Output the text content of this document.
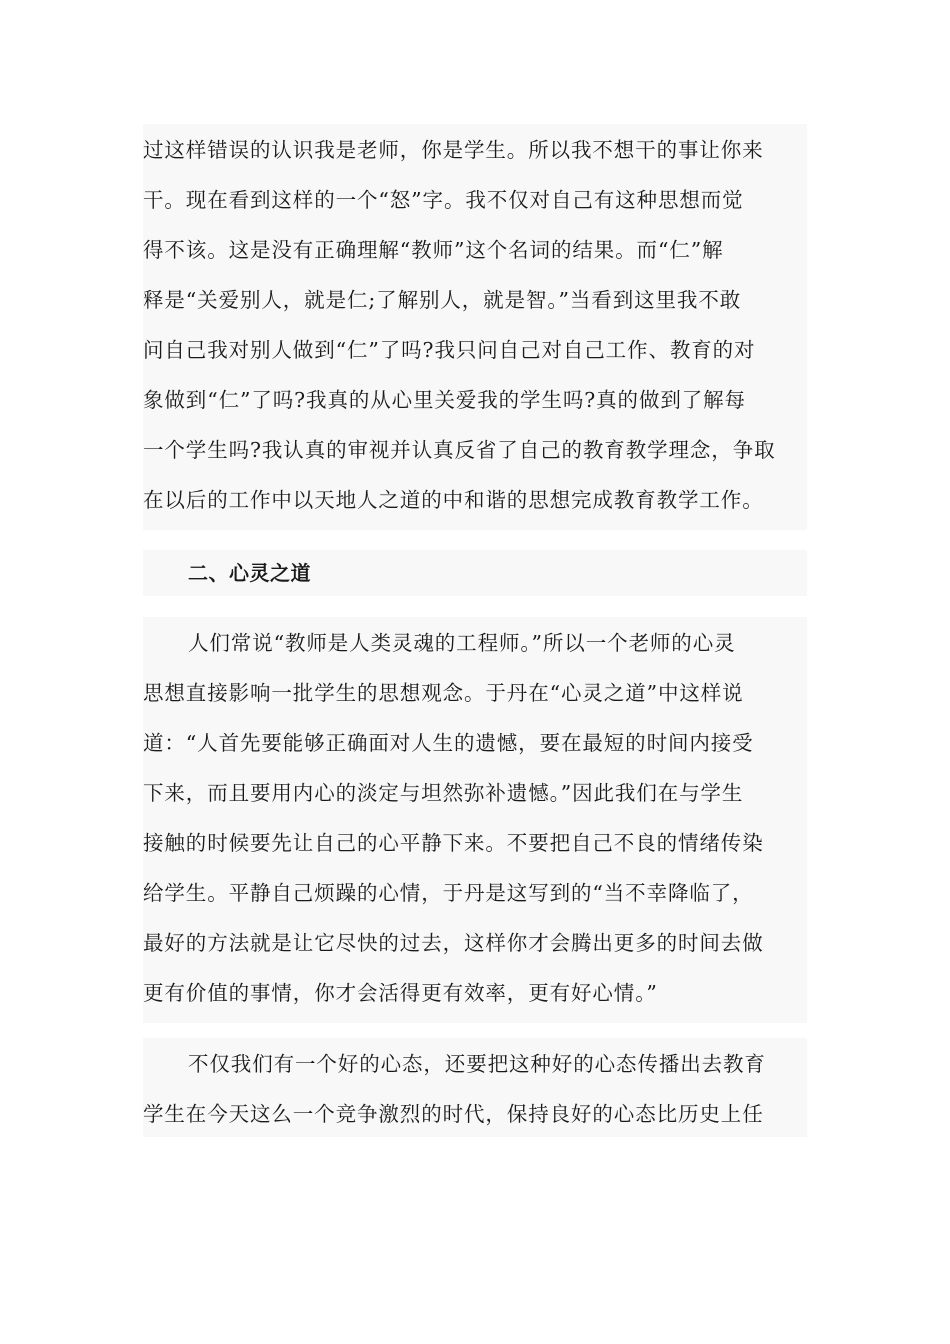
过这样错误的认识我是老师，你是学生。所以我不想干的事让你来
干。现在看到这样的一个“怒”字。我不仅对自己有这种思想而觉
得不该。这是没有正确理解“教师”这个名词的结果。而“仁”解
释是“关爱别人，就是仁;了解别人，就是智。”当看到这里我不敢
问自己我对别人做到“仁”了吗?我只问自己对自己工作、教育的对
象做到“仁”了吗?我真的从心里关爱我的学生吗?真的做到了解每
一个学生吗?我认真的审视并认真反省了自己的教育教学理念，争取
在以后的工作中以天地人之道的中和谐的思想完成教育教学工作。
二、心灵之道
人们常说“教师是人类灵魂的工程师。”所以一个老师的心灵
思想直接影响一批学生的思想观念。于丹在“心灵之道”中这样说
道：“人首先要能够正确面对人生的遗憾，要在最短的时间内接受
下来，而且要用内心的淡定与坦然弥补遗憾。”因此我们在与学生
接触的时候要先让自己的心平静下来。不要把自己不良的情绪传染
给学生。平静自己烦躁的心情，于丹是这写到的“当不幸降临了，
最好的方法就是让它尽快的过去，这样你才会腾出更多的时间去做
更有价值的事情，你才会活得更有效率，更有好心情。”
不仅我们有一个好的心态，还要把这种好的心态传播出去教育
学生在今天这么一个竞争激烈的时代，保持良好的心态比历史上任
